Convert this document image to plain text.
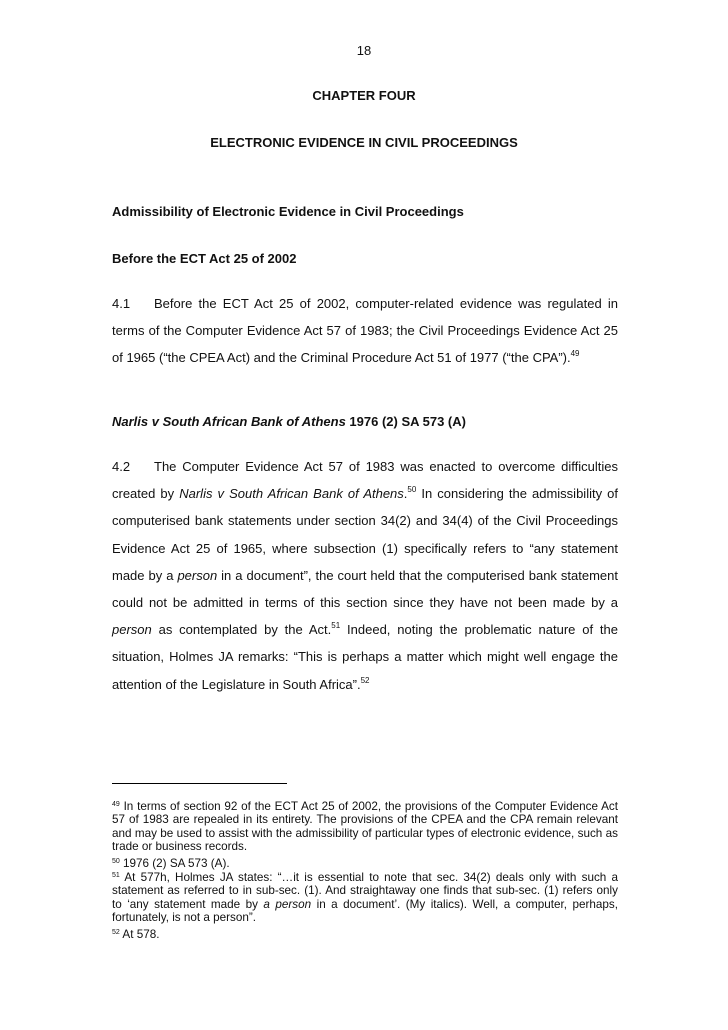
18
CHAPTER FOUR
ELECTRONIC EVIDENCE IN CIVIL PROCEEDINGS
Admissibility of Electronic Evidence in Civil Proceedings
Before the ECT Act 25 of 2002
4.1 Before the ECT Act 25 of 2002, computer-related evidence was regulated in terms of the Computer Evidence Act 57 of 1983; the Civil Proceedings Evidence Act 25 of 1965 (“the CPEA Act) and the Criminal Procedure Act 51 of 1977 (“the CPA”).$^{49}$
Narlis v South African Bank of Athens 1976 (2) SA 573 (A)
4.2 The Computer Evidence Act 57 of 1983 was enacted to overcome difficulties created by Narlis v South African Bank of Athens.$^{50}$ In considering the admissibility of computerised bank statements under section 34(2) and 34(4) of the Civil Proceedings Evidence Act 25 of 1965, where subsection (1) specifically refers to “any statement made by a person in a document”, the court held that the computerised bank statement could not be admitted in terms of this section since they have not been made by a person as contemplated by the Act.$^{51}$ Indeed, noting the problematic nature of the situation, Holmes JA remarks: “This is perhaps a matter which might well engage the attention of the Legislature in South Africa”.$^{52}$
$^{49}$ In terms of section 92 of the ECT Act 25 of 2002, the provisions of the Computer Evidence Act 57 of 1983 are repealed in its entirety. The provisions of the CPEA and the CPA remain relevant and may be used to assist with the admissibility of particular types of electronic evidence, such as trade or business records.
$^{50}$ 1976 (2) SA 573 (A).
$^{51}$ At 577h, Holmes JA states: “…it is essential to note that sec. 34(2) deals only with such a statement as referred to in sub-sec. (1). And straightaway one finds that sub-sec. (1) refers only to ‘any statement made by a person in a document’. (My italics). Well, a computer, perhaps, fortunately, is not a person”.
$^{52}$ At 578.
